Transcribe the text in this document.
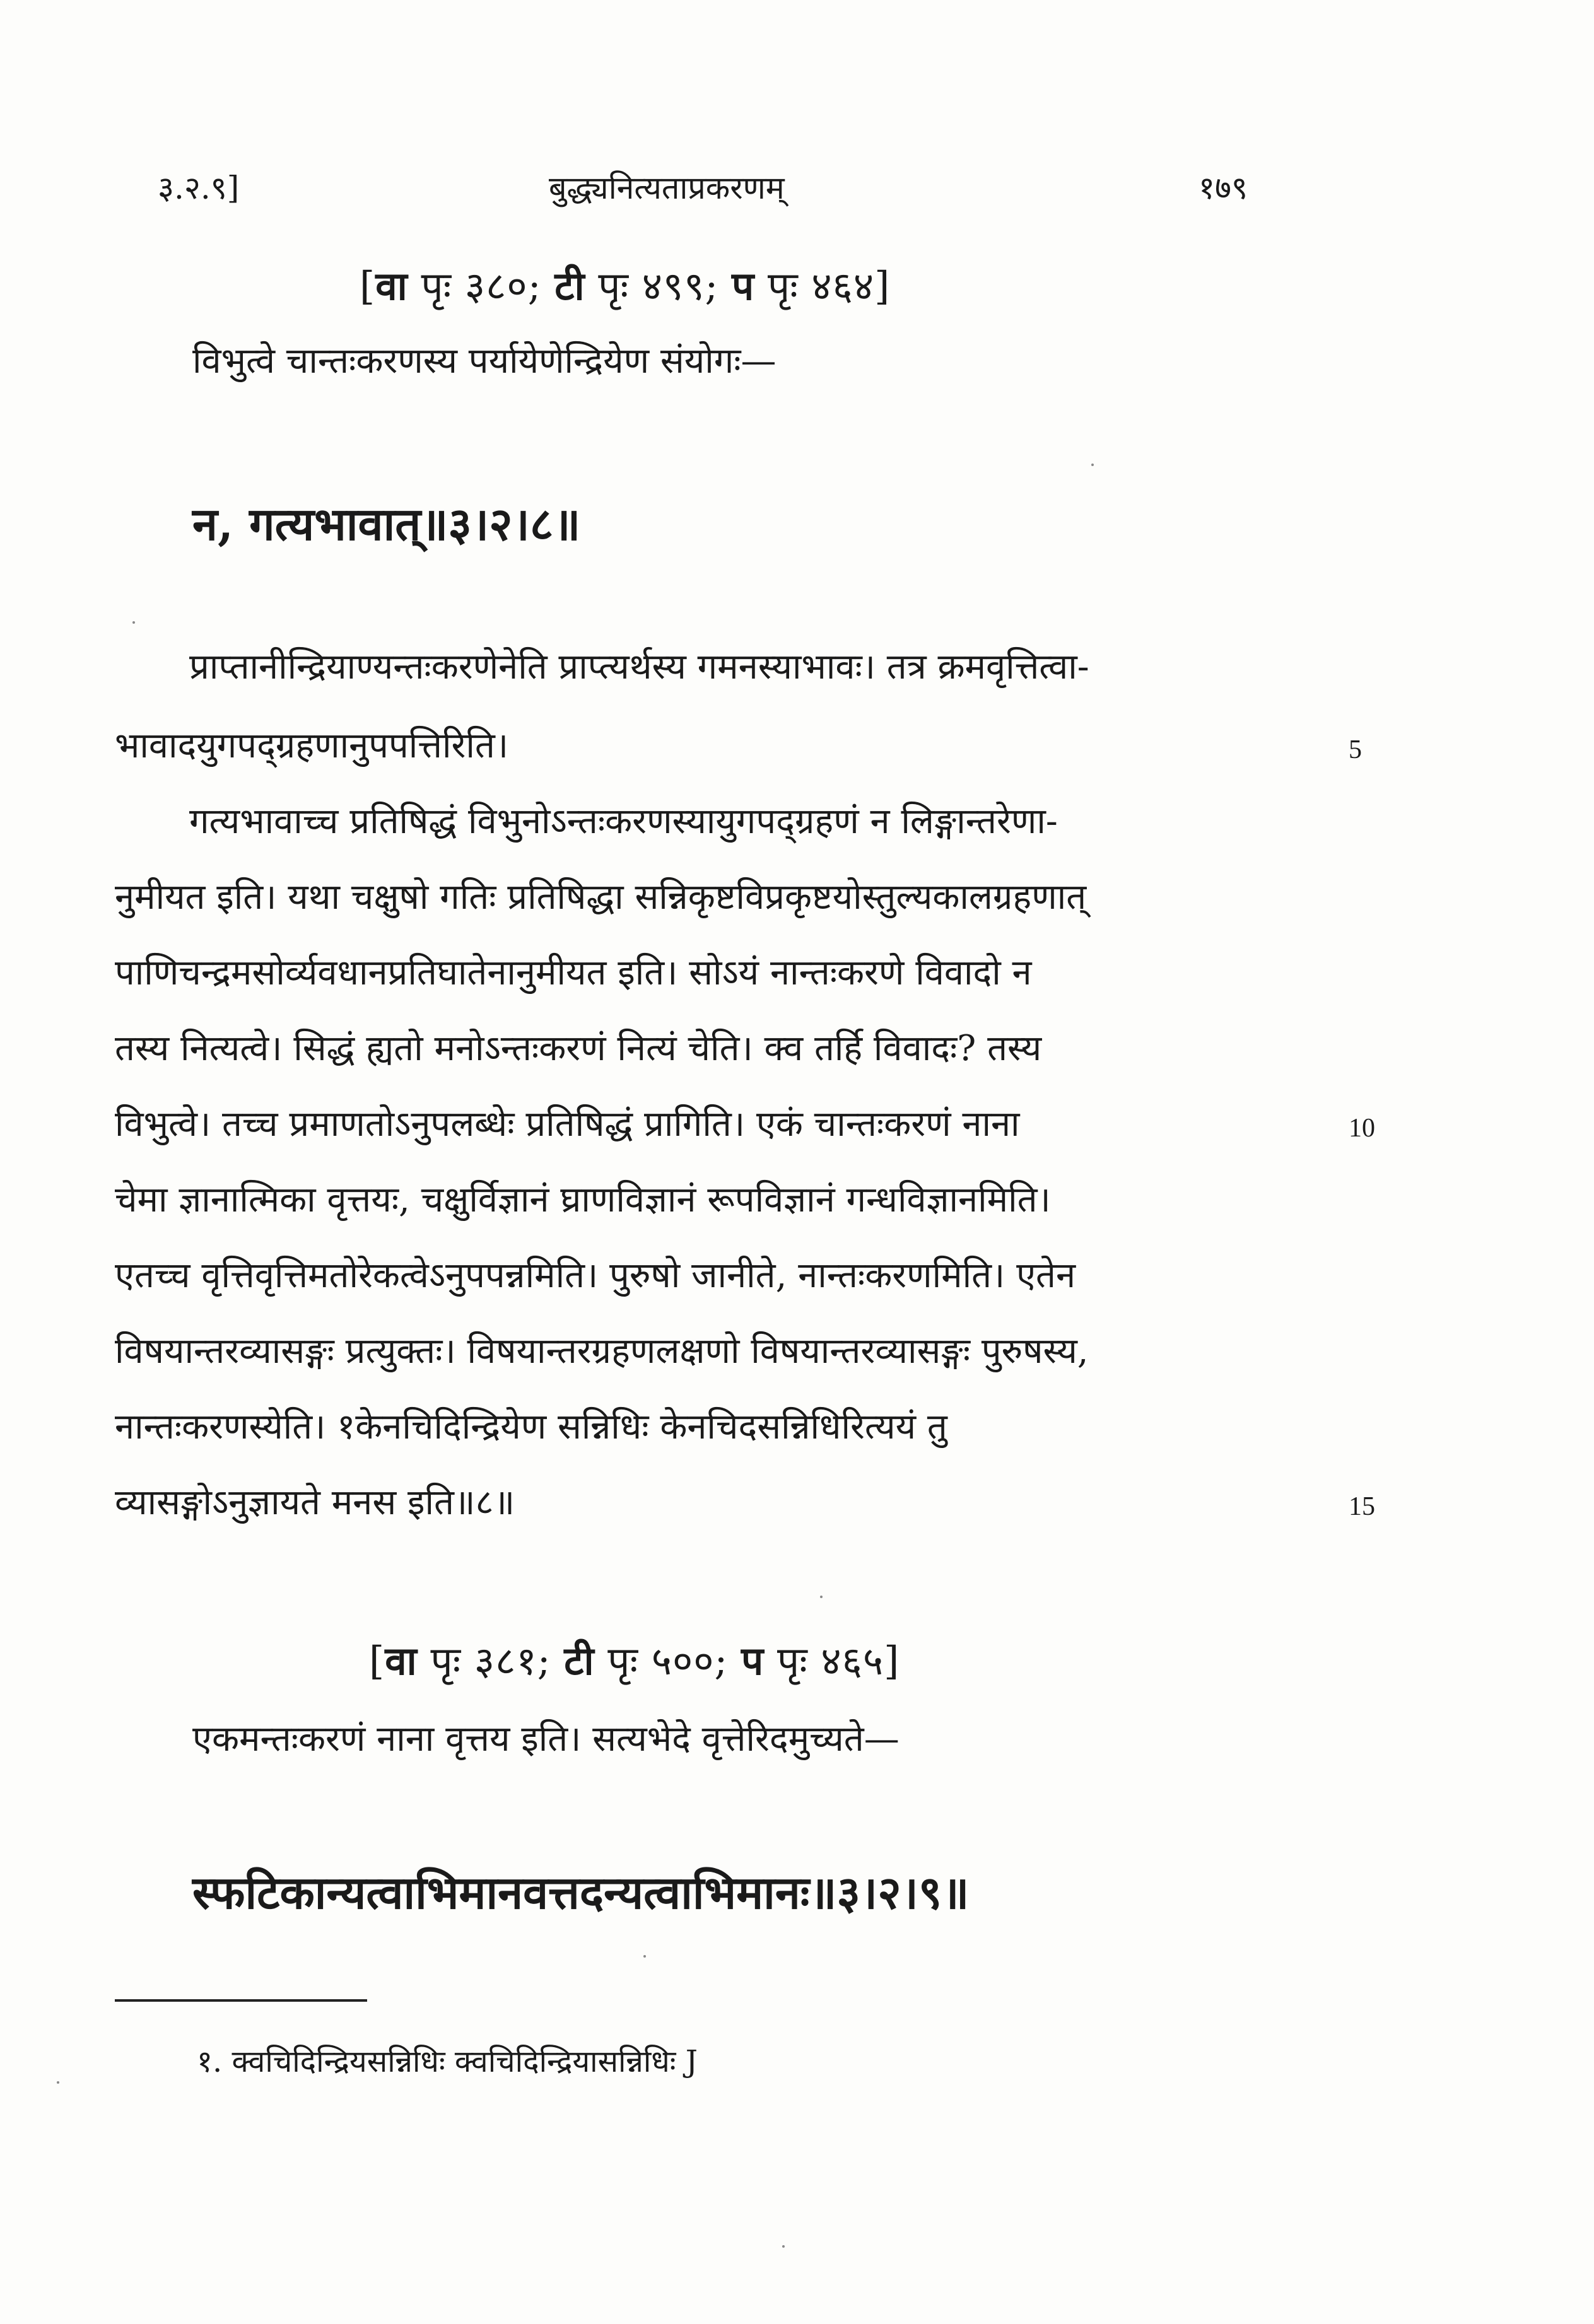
३.२.९]	बुद्ध्यनित्यताप्रकरणम्	१७९
[वा पृः ३८०; टी पृः ४९९; प पृः ४६४]
विभुत्वे चान्तःकरणस्य पर्यायेणेन्द्रियेण संयोगः—
न, गत्यभावात्॥३।२।८॥
प्राप्तानीन्द्रियाण्यन्तःकरणेनेति प्राप्त्यर्थस्य गमनस्याभावः। तत्र क्रमवृत्तित्वा-
भावादयुगपद्ग्रहणानुपपत्तिरिति।
गत्यभावाच्च प्रतिषिद्धं विभुनोऽन्तःकरणस्यायुगपद्ग्रहणं न लिङ्गान्तरेणा-
नुमीयत इति। यथा चक्षुषो गतिः प्रतिषिद्धा सन्निकृष्टविप्रकृष्टयोस्तुल्यकालग्रहणात्
पाणिचन्द्रमसोर्व्यवधानप्रतिघातेनानुमीयत इति। सोऽयं नान्तःकरणे विवादो न
तस्य नित्यत्वे। सिद्धं ह्यतो मनोऽन्तःकरणं नित्यं चेति। क्व तर्हि विवादः? तस्य
विभुत्वे। तच्च प्रमाणतोऽनुपलब्धेः प्रतिषिद्धं प्रागिति। एकं चान्तःकरणं नाना
चेमा ज्ञानात्मिका वृत्तयः, चक्षुर्विज्ञानं घ्राणविज्ञानं रूपविज्ञानं गन्धविज्ञानमिति।
एतच्च वृत्तिवृत्तिमतोरेकत्वेऽनुपपन्नमिति। पुरुषो जानीते, नान्तःकरणमिति। एतेन
विषयान्तरव्यासङ्गः प्रत्युक्तः। विषयान्तरग्रहणलक्षणो विषयान्तरव्यासङ्गः पुरुषस्य,
नान्तःकरणस्येति। १केनचिदिन्द्रियेण सन्निधिः केनचिदसन्निधिरित्ययं तु
व्यासङ्गोऽनुज्ञायते मनस इति॥८॥
5
10
15
[वा पृः ३८१; टी पृः ५००; प पृः ४६५]
एकमन्तःकरणं नाना वृत्तय इति। सत्यभेदे वृत्तेरिदमुच्यते—
स्फटिकान्यत्वाभिमानवत्तदन्यत्वाभिमानः॥३।२।९॥
१. क्वचिदिन्द्रियसन्निधिः क्वचिदिन्द्रियासन्निधिः J
